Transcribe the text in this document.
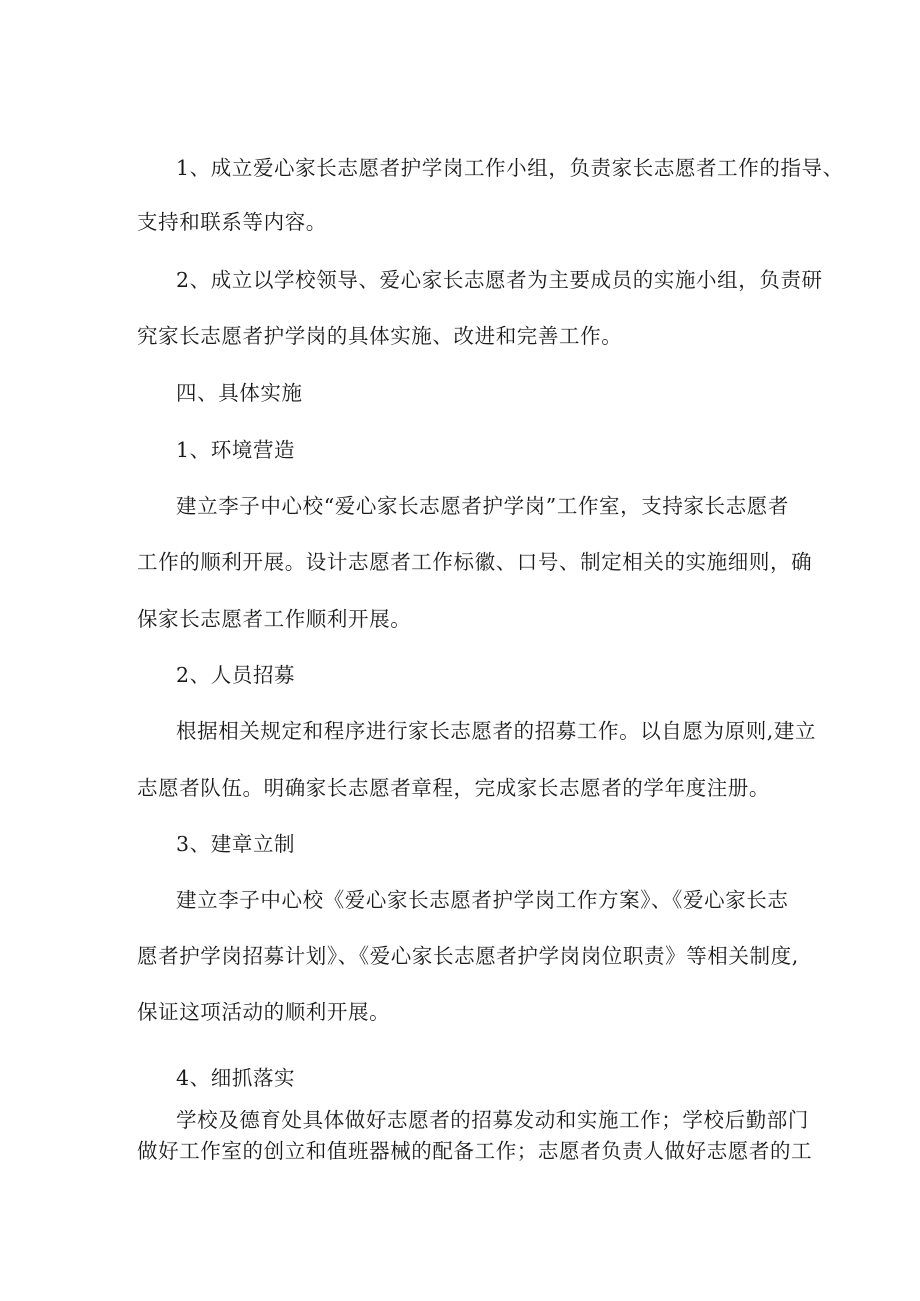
1、成立爱心家长志愿者护学岗工作小组，负责家长志愿者工作的指导、
支持和联系等内容。
2、成立以学校领导、爱心家长志愿者为主要成员的实施小组，负责研
究家长志愿者护学岗的具体实施、改进和完善工作。
四、具体实施
1、环境营造
建立李子中心校“爱心家长志愿者护学岗”工作室，支持家长志愿者
工作的顺利开展。设计志愿者工作标徽、口号、制定相关的实施细则，确
保家长志愿者工作顺利开展。
2、人员招募
根据相关规定和程序进行家长志愿者的招募工作。以自愿为原则,建立
志愿者队伍。明确家长志愿者章程，完成家长志愿者的学年度注册。
3、建章立制
建立李子中心校《爱心家长志愿者护学岗工作方案》、《爱心家长志
愿者护学岗招募计划》、《爱心家长志愿者护学岗岗位职责》等相关制度,
保证这项活动的顺利开展。
4、细抓落实
学校及德育处具体做好志愿者的招募发动和实施工作；学校后勤部门
做好工作室的创立和值班器械的配备工作；志愿者负责人做好志愿者的工
